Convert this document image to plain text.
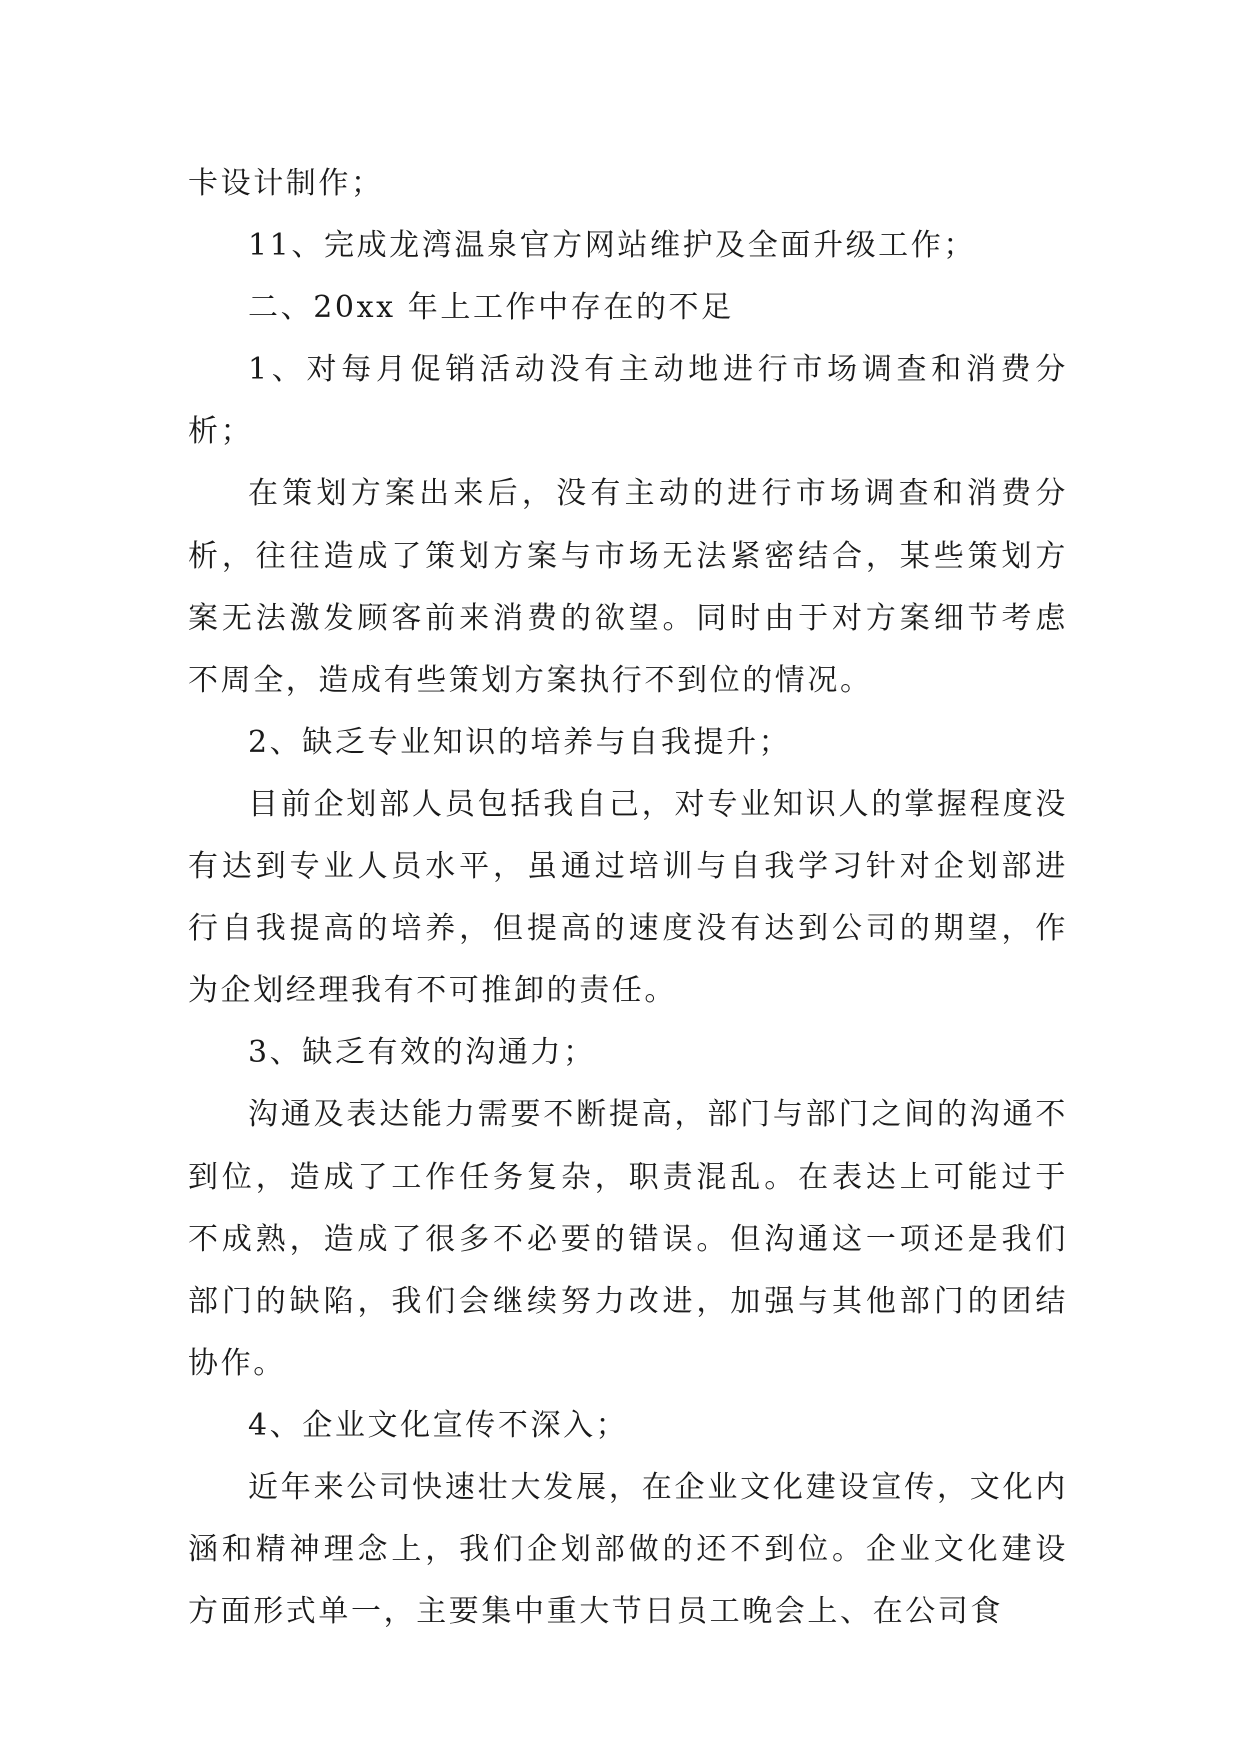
卡设计制作；

11、完成龙湾温泉官方网站维护及全面升级工作；

二、20xx 年上工作中存在的不足

1、对每月促销活动没有主动地进行市场调查和消费分析；

在策划方案出来后，没有主动的进行市场调查和消费分析，往往造成了策划方案与市场无法紧密结合，某些策划方案无法激发顾客前来消费的欲望。同时由于对方案细节考虑不周全，造成有些策划方案执行不到位的情况。

2、缺乏专业知识的培养与自我提升；

目前企划部人员包括我自己，对专业知识人的掌握程度没有达到专业人员水平，虽通过培训与自我学习针对企划部进行自我提高的培养，但提高的速度没有达到公司的期望，作为企划经理我有不可推卸的责任。

3、缺乏有效的沟通力；

沟通及表达能力需要不断提高，部门与部门之间的沟通不到位，造成了工作任务复杂，职责混乱。在表达上可能过于不成熟，造成了很多不必要的错误。但沟通这一项还是我们部门的缺陷，我们会继续努力改进，加强与其他部门的团结协作。

4、企业文化宣传不深入；

近年来公司快速壮大发展，在企业文化建设宣传，文化内涵和精神理念上，我们企划部做的还不到位。企业文化建设方面形式单一，主要集中重大节日员工晚会上、在公司食
